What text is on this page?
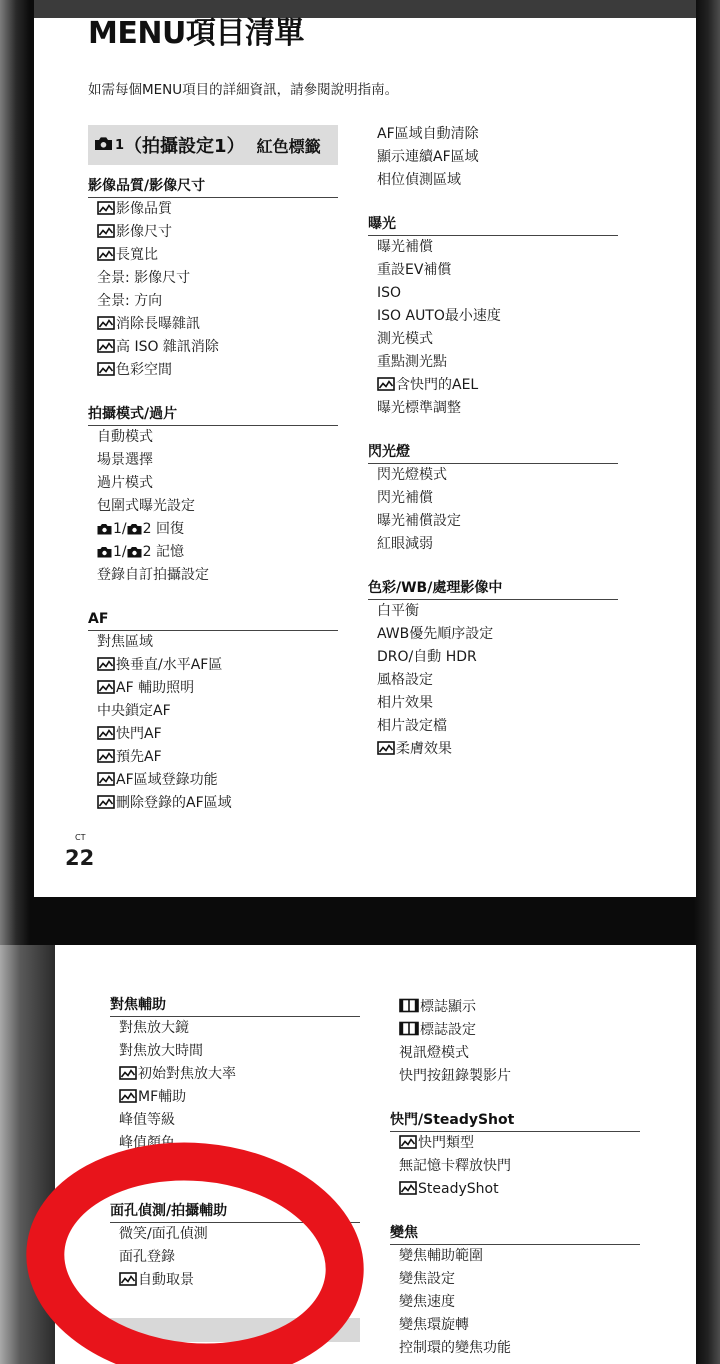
MENU項目清單
如需每個MENU項目的詳細資訊，請參閱說明指南。
1 （拍攝設定1） 紅色標籤
影像品質/影像尺寸
影像品質
影像尺寸
長寬比
全景: 影像尺寸
全景: 方向
消除長曝雜訊
高 ISO 雜訊消除
色彩空間
拍攝模式/過片
自動模式
場景選擇
過片模式
包圍式曝光設定
1/ 2 回復
1/ 2 記憶
登錄自訂拍攝設定
AF
對焦區域
換垂直/水平AF區
AF 輔助照明
中央鎖定AF
快門AF
預先AF
AF區域登錄功能
刪除登錄的AF區域
AF區域自動清除
顯示連續AF區域
相位偵測區域
曝光
曝光補償
重設EV補償
ISO
ISO AUTO最小速度
測光模式
重點測光點
含快門的AEL
曝光標準調整
閃光燈
閃光燈模式
閃光補償
曝光補償設定
紅眼減弱
色彩/WB/處理影像中
白平衡
AWB優先順序設定
DRO/自動 HDR
風格設定
相片效果
相片設定檔
柔膚效果
CT
22
對焦輔助
對焦放大鏡
對焦放大時間
初始對焦放大率
MF輔助
峰值等級
峰值顏色
面孔偵測/拍攝輔助
微笑/面孔偵測
面孔登錄
自動取景
標誌顯示
標誌設定
視訊燈模式
快門按鈕錄製影片
快門/SteadyShot
快門類型
無記憶卡釋放快門
SteadyShot
變焦
變焦輔助範圍
變焦設定
變焦速度
變焦環旋轉
控制環的變焦功能
